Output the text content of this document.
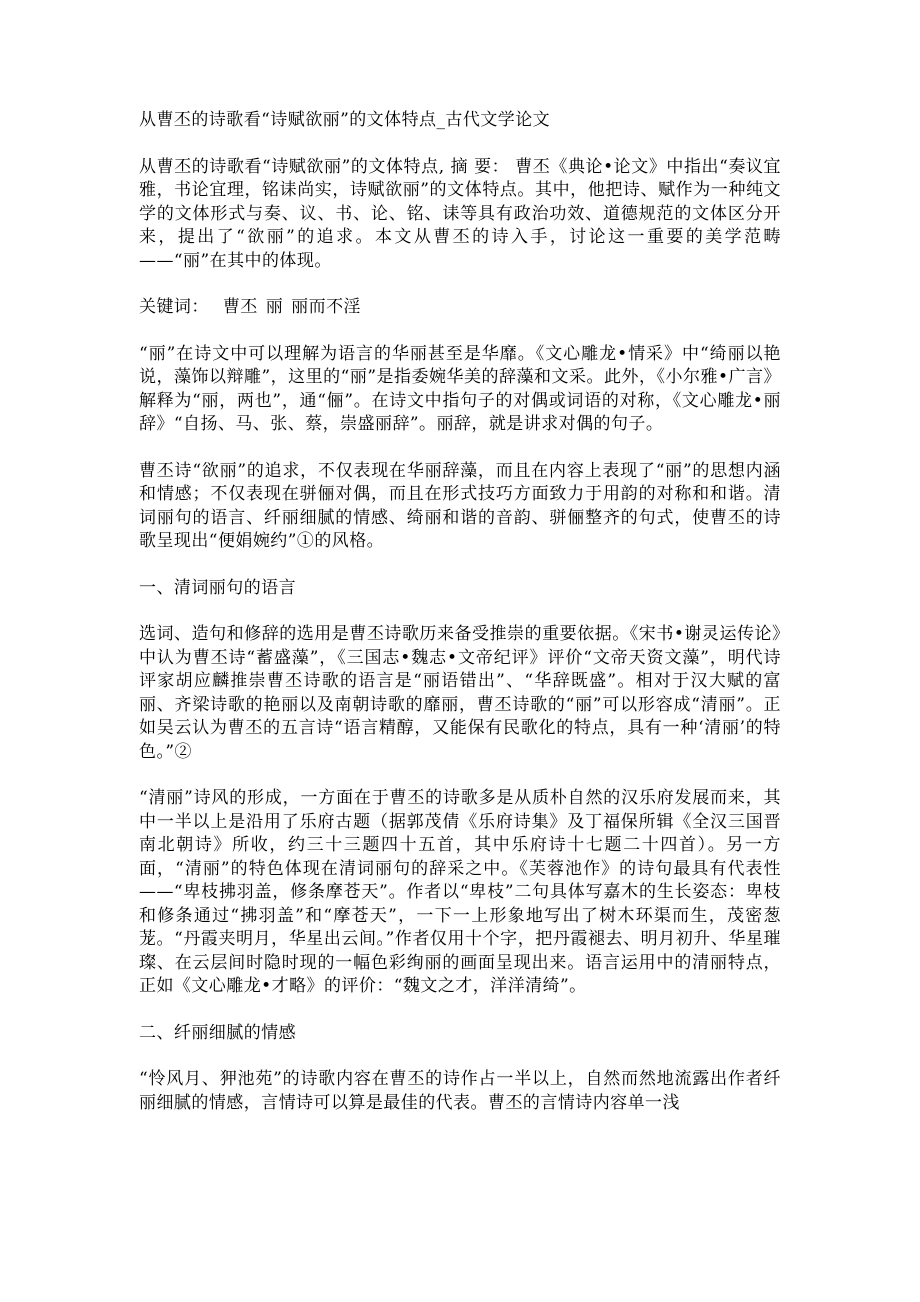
从曹丕的诗歌看“诗赋欲丽”的文体特点_古代文学论文

从曹丕的诗歌看“诗赋欲丽”的文体特点, 摘 要： 曹丕《典论•论文》中指出“奏议宜雅，书论宜理，铭诔尚实，诗赋欲丽”的文体特点。其中，他把诗、赋作为一种纯文学的文体形式与奏、议、书、论、铭、诔等具有政治功效、道德规范的文体区分开来，提出了“欲丽”的追求。本文从曹丕的诗入手，讨论这一重要的美学范畴——“丽”在其中的体现。

关键词： 曹丕 丽 丽而不淫

“丽”在诗文中可以理解为语言的华丽甚至是华靡。《文心雕龙•情采》中“绮丽以艳说，藻饰以辩雕”，这里的“丽”是指委婉华美的辞藻和文采。此外，《小尔雅•广言》解释为“丽，两也”，通“俪”。在诗文中指句子的对偶或词语的对称，《文心雕龙•丽辞》“自扬、马、张、蔡，崇盛丽辞”。丽辞，就是讲求对偶的句子。

曹丕诗“欲丽”的追求，不仅表现在华丽辞藻，而且在内容上表现了“丽”的思想内涵和情感；不仅表现在骈俪对偶，而且在形式技巧方面致力于用韵的对称和和谐。清词丽句的语言、纤丽细腻的情感、绮丽和谐的音韵、骈俪整齐的句式，使曹丕的诗歌呈现出“便娟婉约”①的风格。

一、清词丽句的语言

选词、造句和修辞的选用是曹丕诗歌历来备受推崇的重要依据。《宋书•谢灵运传论》中认为曹丕诗“蓄盛藻”，《三国志•魏志•文帝纪评》评价“文帝天资文藻”，明代诗评家胡应麟推崇曹丕诗歌的语言是“丽语错出”、“华辞既盛”。相对于汉大赋的富丽、齐梁诗歌的艳丽以及南朝诗歌的靡丽，曹丕诗歌的“丽”可以形容成“清丽”。正如吴云认为曹丕的五言诗“语言精醇，又能保有民歌化的特点，具有一种‘清丽’的特色。”②

“清丽”诗风的形成，一方面在于曹丕的诗歌多是从质朴自然的汉乐府发展而来，其中一半以上是沿用了乐府古题（据郭茂倩《乐府诗集》及丁福保所辑《全汉三国晋南北朝诗》所收，约三十三题四十五首，其中乐府诗十七题二十四首）。另一方面，“清丽”的特色体现在清词丽句的辞采之中。《芙蓉池作》的诗句最具有代表性——“卑枝拂羽盖，修条摩苍天”。作者以“卑枝”二句具体写嘉木的生长姿态：卑枝和修条通过“拂羽盖”和“摩苍天”，一下一上形象地写出了树木环渠而生，茂密葱茏。“丹霞夹明月，华星出云间。”作者仅用十个字，把丹霞褪去、明月初升、华星璀璨、在云层间时隐时现的一幅色彩绚丽的画面呈现出来。语言运用中的清丽特点，正如《文心雕龙•才略》的评价：“魏文之才，洋洋清绮”。

二、纤丽细腻的情感

“怜风月、狎池苑”的诗歌内容在曹丕的诗作占一半以上，自然而然地流露出作者纤丽细腻的情感，言情诗可以算是最佳的代表。曹丕的言情诗内容单一浅
